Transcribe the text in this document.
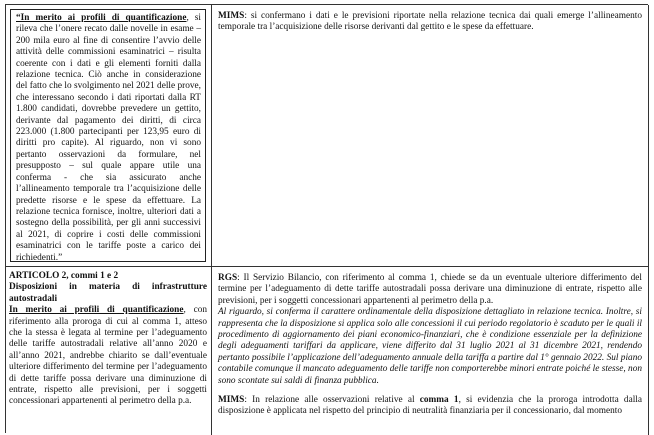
“In merito ai profili di quantificazione, si rileva che l’onere recato dalle novelle in esame – 200 mila euro al fine di consentire l’avvio delle attività delle commissioni esaminatrici – risulta coerente con i dati e gli elementi forniti dalla relazione tecnica. Ciò anche in considerazione del fatto che lo svolgimento nel 2021 delle prove, che interessano secondo i dati riportati dalla RT 1.800 candidati, dovrebbe prevedere un gettito, derivante dal pagamento dei diritti, di circa 223.000 (1.800 partecipanti per 123,95 euro di diritti pro capite). Al riguardo, non vi sono pertanto osservazioni da formulare, nel presupposto – sul quale appare utile una conferma - che sia assicurato anche l’allineamento temporale tra l’acquisizione delle predette risorse e le spese da effettuare. La relazione tecnica fornisce, inoltre, ulteriori dati a sostegno della possibilità, per gli anni successivi al 2021, di coprire i costi delle commissioni esaminatrici con le tariffe poste a carico dei richiedenti.”

MIMS: si confermano i dati e le previsioni riportate nella relazione tecnica dai quali emerge l’allineamento temporale tra l’acquisizione delle risorse derivanti dal gettito e le spese da effettuare.

ARTICOLO 2, commi 1 e 2

Disposizioni in materia di infrastrutture autostradali

In merito ai profili di quantificazione, con riferimento alla proroga di cui al comma 1, atteso che la stessa è legata al termine per l’adeguamento delle tariffe autostradali relative all’anno 2020 e all’anno 2021, andrebbe chiarito se dall’eventuale ulteriore differimento del termine per l’adeguamento di dette tariffe possa derivare una diminuzione di entrate, rispetto alle previsioni, per i soggetti concessionari appartenenti al perimetro della p.a.

RGS: Il Servizio Bilancio, con riferimento al comma 1, chiede se da un eventuale ulteriore differimento del termine per l’adeguamento di dette tariffe autostradali possa derivare una diminuzione di entrate, rispetto alle previsioni, per i soggetti concessionari appartenenti al perimetro della p.a.

Al riguardo, si conferma il carattere ordinamentale della disposizione dettagliato in relazione tecnica. Inoltre, si rappresenta che la disposizione si applica solo alle concessioni il cui periodo regolatorio è scaduto per le quali il procedimento di aggiornamento dei piani economico-finanziari, che è condizione essenziale per la definizione degli adeguamenti tariffari da applicare, viene differito dal 31 luglio 2021 al 31 dicembre 2021, rendendo pertanto possibile l’applicazione dell’adeguamento annuale della tariffa a partire dal 1° gennaio 2022. Sul piano contabile comunque il mancato adeguamento delle tariffe non comporterebbe minori entrate poiché le stesse, non sono scontate sui saldi di finanza pubblica.

MIMS: In relazione alle osservazioni relative al comma 1, si evidenzia che la proroga introdotta dalla disposizione è applicata nel rispetto del principio di neutralità finanziaria per il concessionario, dal momento
